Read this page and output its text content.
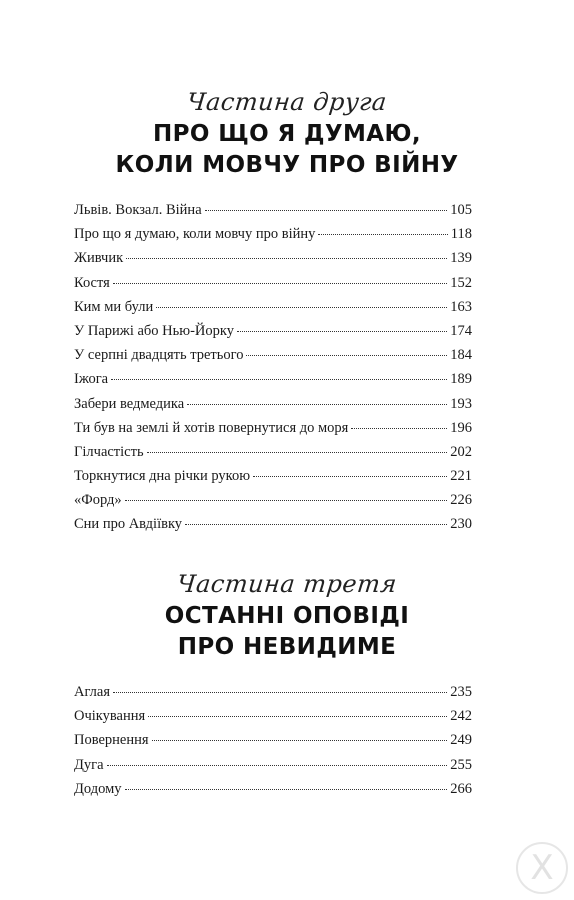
Частина друга
ПРО ЩО Я ДУМАЮ,
КОЛИ МОВЧУ ПРО ВІЙНУ
Львів. Вокзал. Війна	105
Про що я думаю, коли мовчу про війну	118
Живчик	139
Костя	152
Ким ми були	163
У Парижі або Нью-Йорку	174
У серпні двадцять третього	184
Іжога	189
Забери ведмедика	193
Ти був на землі й хотів повернутися до моря	196
Гілчастість	202
Торкнутися дна річки рукою	221
«Форд»	226
Сни про Авдіївку	230
Частина третя
ОСТАННІ ОПОВІДІ
ПРО НЕВИДИМЕ
Аглая	235
Очікування	242
Повернення	249
Дуга	255
Додому	266
Х
